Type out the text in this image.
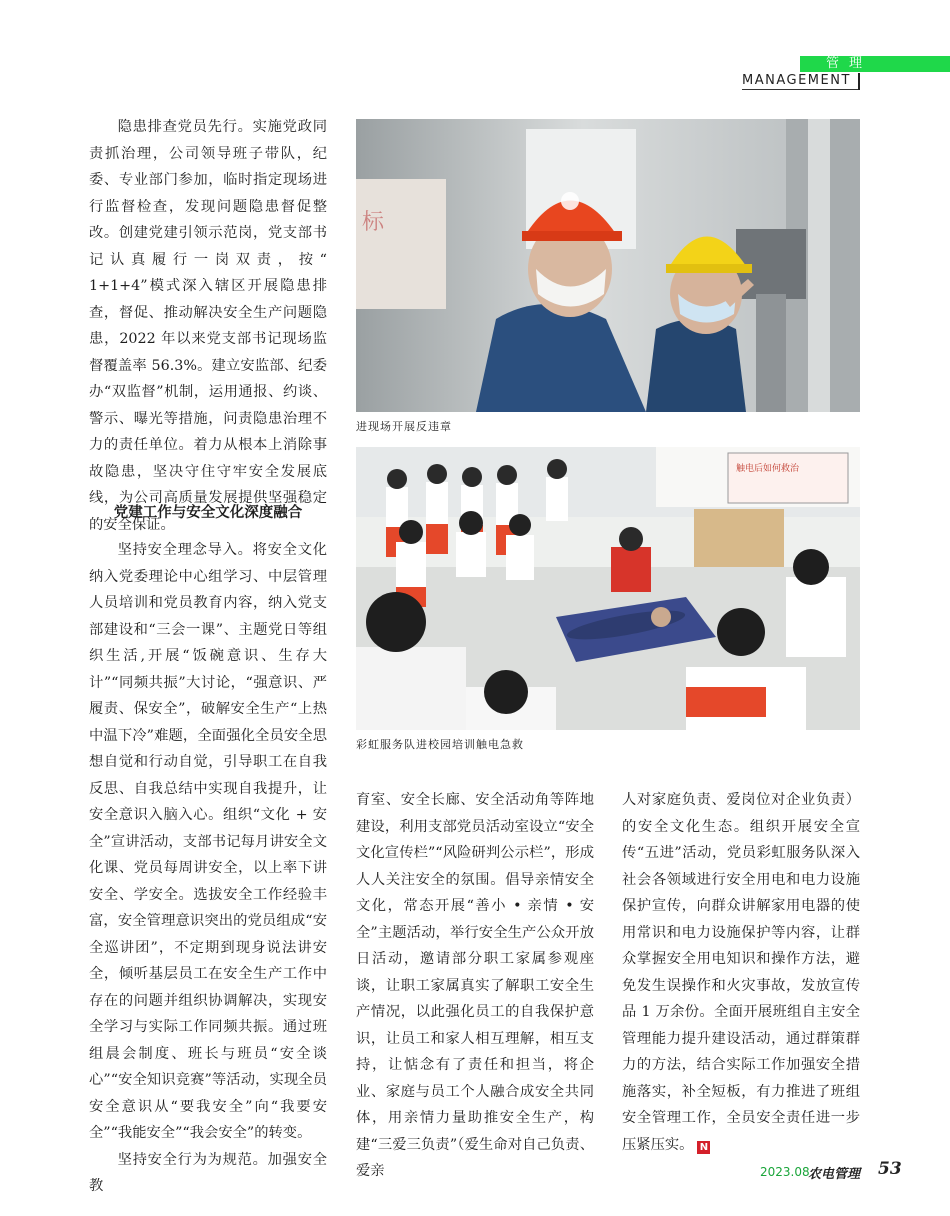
管理
MANAGEMENT

隐患排查党员先行。实施党政同责抓治理，公司领导班子带队，纪委、专业部门参加，临时指定现场进行监督检查，发现问题隐患督促整改。创建党建引领示范岗，党支部书记认真履行一岗双责，按“ 1+1+4”模式深入辖区开展隐患排查，督促、推动解决安全生产问题隐患，2022 年以来党支部书记现场监督覆盖率 56.3%。建立安监部、纪委办“双监督”机制，运用通报、约谈、警示、曝光等措施，问责隐患治理不力的责任单位。着力从根本上消除事故隐患，坚决守住守牢安全发展底线，为公司高质量发展提供坚强稳定的安全保证。

党建工作与安全文化深度融合

坚持安全理念导入。将安全文化纳入党委理论中心组学习、中层管理人员培训和党员教育内容，纳入党支部建设和“三会一课”、主题党日等组织生活,开展“饭碗意识、生存大计”“同频共振”大讨论，“强意识、严履责、保安全”，破解安全生产“上热中温下冷”难题，全面强化全员安全思想自觉和行动自觉，引导职工在自我反思、自我总结中实现自我提升，让安全意识入脑入心。组织“文化 + 安全”宣讲活动，支部书记每月讲安全文化课、党员每周讲安全，以上率下讲安全、学安全。选拔安全工作经验丰富，安全管理意识突出的党员组成“安全巡讲团”，不定期到现身说法讲安全，倾听基层员工在安全生产工作中存在的问题并组织协调解决，实现安全学习与实际工作同频共振。通过班组晨会制度、班长与班员“安全谈心”“安全知识竞赛”等活动，实现全员安全意识从“要我安全”向“我要安全”“我能安全”“我会安全”的转变。

坚持安全行为为规范。加强安全教

标
进现场开展反违章
触电后如何救治
彩虹服务队进校园培训触电急救

育室、安全长廊、安全活动角等阵地建设，利用支部党员活动室设立“安全文化宣传栏”“风险研判公示栏”，形成人人关注安全的氛围。倡导亲情安全文化，常态开展“善小 • 亲情 • 安全”主题活动，举行安全生产公众开放日活动，邀请部分职工家属参观座谈，让职工家属真实了解职工安全生产情况，以此强化员工的自我保护意识，让员工和家人相互理解，相互支持，让惦念有了责任和担当，将企业、家庭与员工个人融合成安全共同体，用亲情力量助推安全生产，构建“三爱三负责”（爱生命对自己负责、爱亲

人对家庭负责、爱岗位对企业负责）的安全文化生态。组织开展安全宣传“五进”活动，党员彩虹服务队深入社会各领域进行安全用电和电力设施保护宣传，向群众讲解家用电器的使用常识和电力设施保护等内容，让群众掌握安全用电知识和操作方法，避免发生误操作和火灾事故，发放宣传品 1 万余份。全面开展班组自主安全管理能力提升建设活动，通过群策群力的方法，结合实际工作加强安全措施落实，补全短板，有力推进了班组安全管理工作，全员安全责任进一步压紧压实。 N

2023.08
农电管理 53
